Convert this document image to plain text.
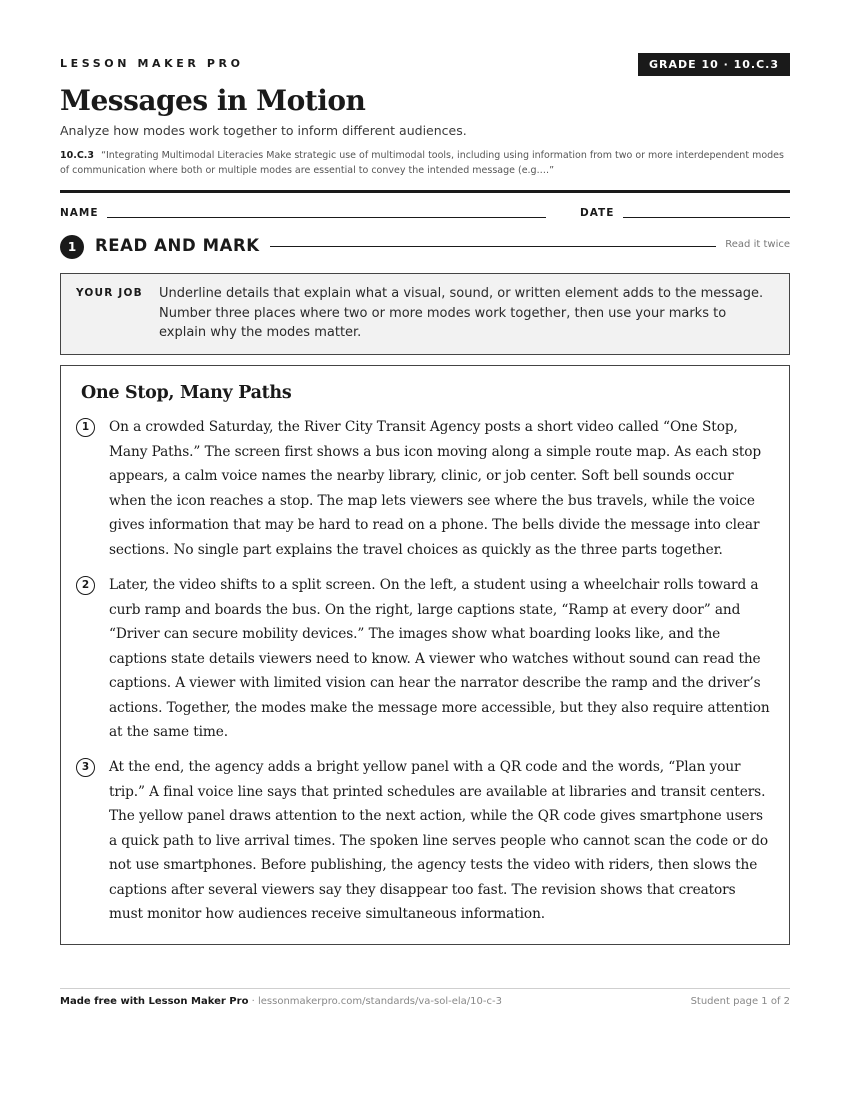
LESSON MAKER PRO	GRADE 10 · 10.C.3
Messages in Motion
Analyze how modes work together to inform different audiences.
10.C.3 “Integrating Multimodal Literacies Make strategic use of multimodal tools, including using information from two or more interdependent modes of communication where both or multiple modes are essential to convey the intended message (e.g.…”
NAME	DATE
1	READ AND MARK	Read it twice
YOUR JOB Underline details that explain what a visual, sound, or written element adds to the message. Number three places where two or more modes work together, then use your marks to explain why the modes matter.
One Stop, Many Paths
1	On a crowded Saturday, the River City Transit Agency posts a short video called “One Stop, Many Paths.” The screen first shows a bus icon moving along a simple route map. As each stop appears, a calm voice names the nearby library, clinic, or job center. Soft bell sounds occur when the icon reaches a stop. The map lets viewers see where the bus travels, while the voice gives information that may be hard to read on a phone. The bells divide the message into clear sections. No single part explains the travel choices as quickly as the three parts together.
2	Later, the video shifts to a split screen. On the left, a student using a wheelchair rolls toward a curb ramp and boards the bus. On the right, large captions state, “Ramp at every door” and “Driver can secure mobility devices.” The images show what boarding looks like, and the captions state details viewers need to know. A viewer who watches without sound can read the captions. A viewer with limited vision can hear the narrator describe the ramp and the driver’s actions. Together, the modes make the message more accessible, but they also require attention at the same time.
3	At the end, the agency adds a bright yellow panel with a QR code and the words, “Plan your trip.” A final voice line says that printed schedules are available at libraries and transit centers. The yellow panel draws attention to the next action, while the QR code gives smartphone users a quick path to live arrival times. The spoken line serves people who cannot scan the code or do not use smartphones. Before publishing, the agency tests the video with riders, then slows the captions after several viewers say they disappear too fast. The revision shows that creators must monitor how audiences receive simultaneous information.
Made free with Lesson Maker Pro · lessonmakerpro.com/standards/va-sol-ela/10-c-3	Student page 1 of 2
